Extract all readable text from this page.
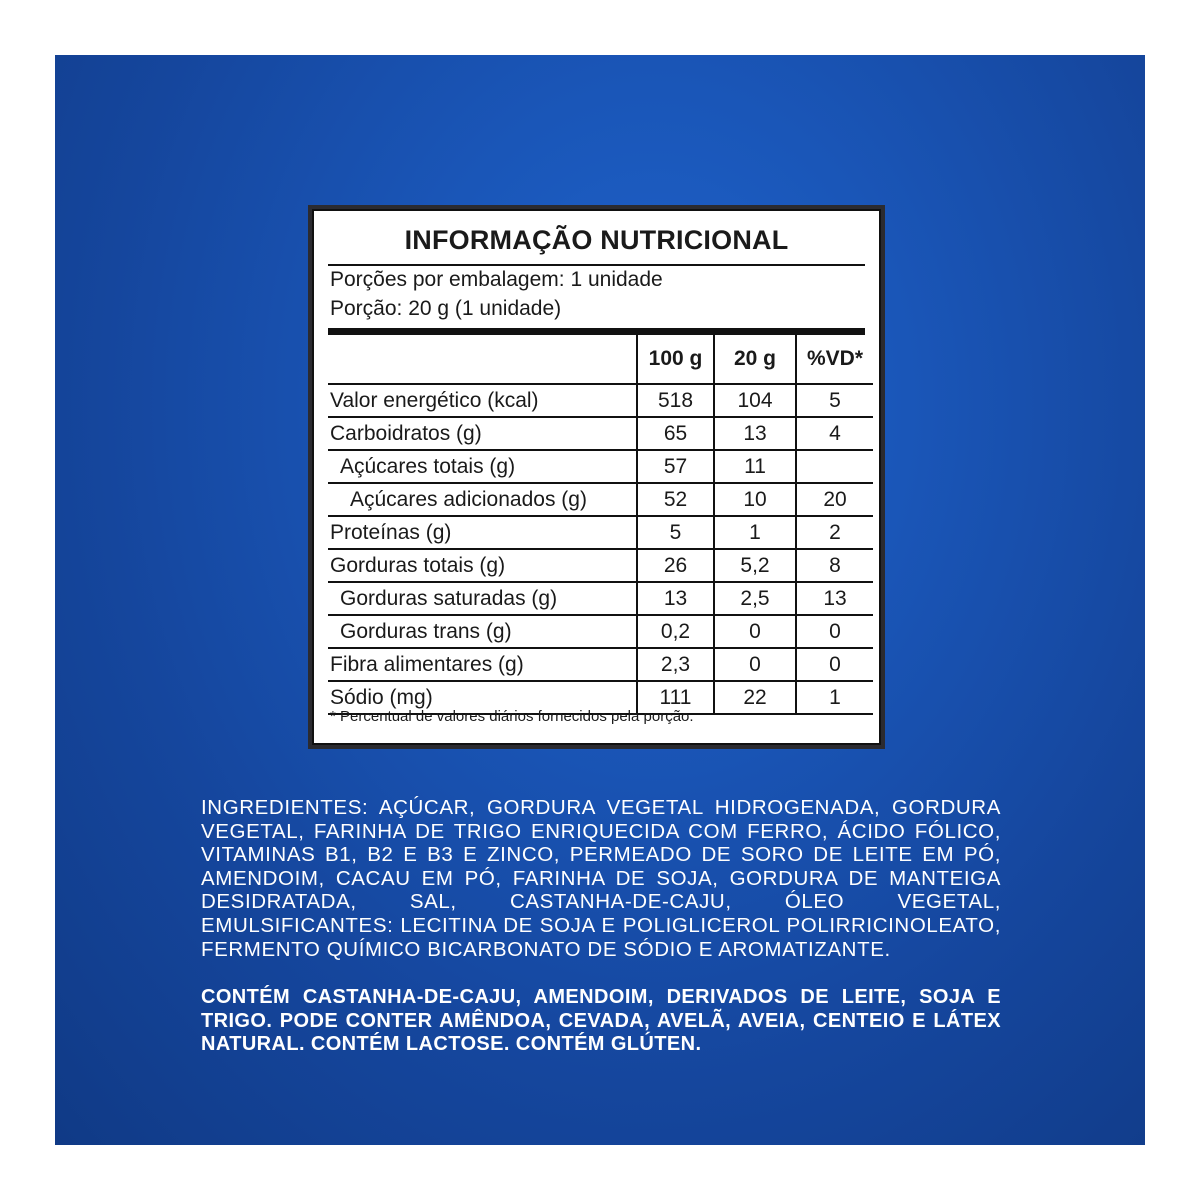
INFORMAÇÃO NUTRICIONAL
Porções por embalagem: 1 unidade
Porção: 20 g (1 unidade)
	100 g	20 g	%VD*
Valor energético (kcal)	518	104	5
Carboidratos (g)	65	13	4
Açúcares totais (g)	57	11	
Açúcares adicionados (g)	52	10	20
Proteínas (g)	5	1	2
Gorduras totais (g)	26	5,2	8
Gorduras saturadas (g)	13	2,5	13
Gorduras trans (g)	0,2	0	0
Fibra alimentares (g)	2,3	0	0
Sódio (mg)	111	22	1
* Percentual de valores diários fornecidos pela porção.
INGREDIENTES: AÇÚCAR, GORDURA VEGETAL HIDROGENADA, GORDURA VEGETAL, FARINHA DE TRIGO ENRIQUECIDA COM FERRO, ÁCIDO FÓLICO, VITAMINAS B1, B2 E B3 E ZINCO, PERMEADO DE SORO DE LEITE EM PÓ, AMENDOIM, CACAU EM PÓ, FARINHA DE SOJA, GORDURA DE MANTEIGA DESIDRATADA, SAL, CASTANHA-DE-CAJU, ÓLEO VEGETAL, EMULSIFICANTES: LECITINA DE SOJA E POLIGLICEROL POLIRRICINOLEATO, FERMENTO QUÍMICO BICARBONATO DE SÓDIO E AROMATIZANTE.
CONTÉM CASTANHA-DE-CAJU, AMENDOIM, DERIVADOS DE LEITE, SOJA E TRIGO. PODE CONTER AMÊNDOA, CEVADA, AVELÃ, AVEIA, CENTEIO E LÁTEX NATURAL. CONTÉM LACTOSE. CONTÉM GLÚTEN.
